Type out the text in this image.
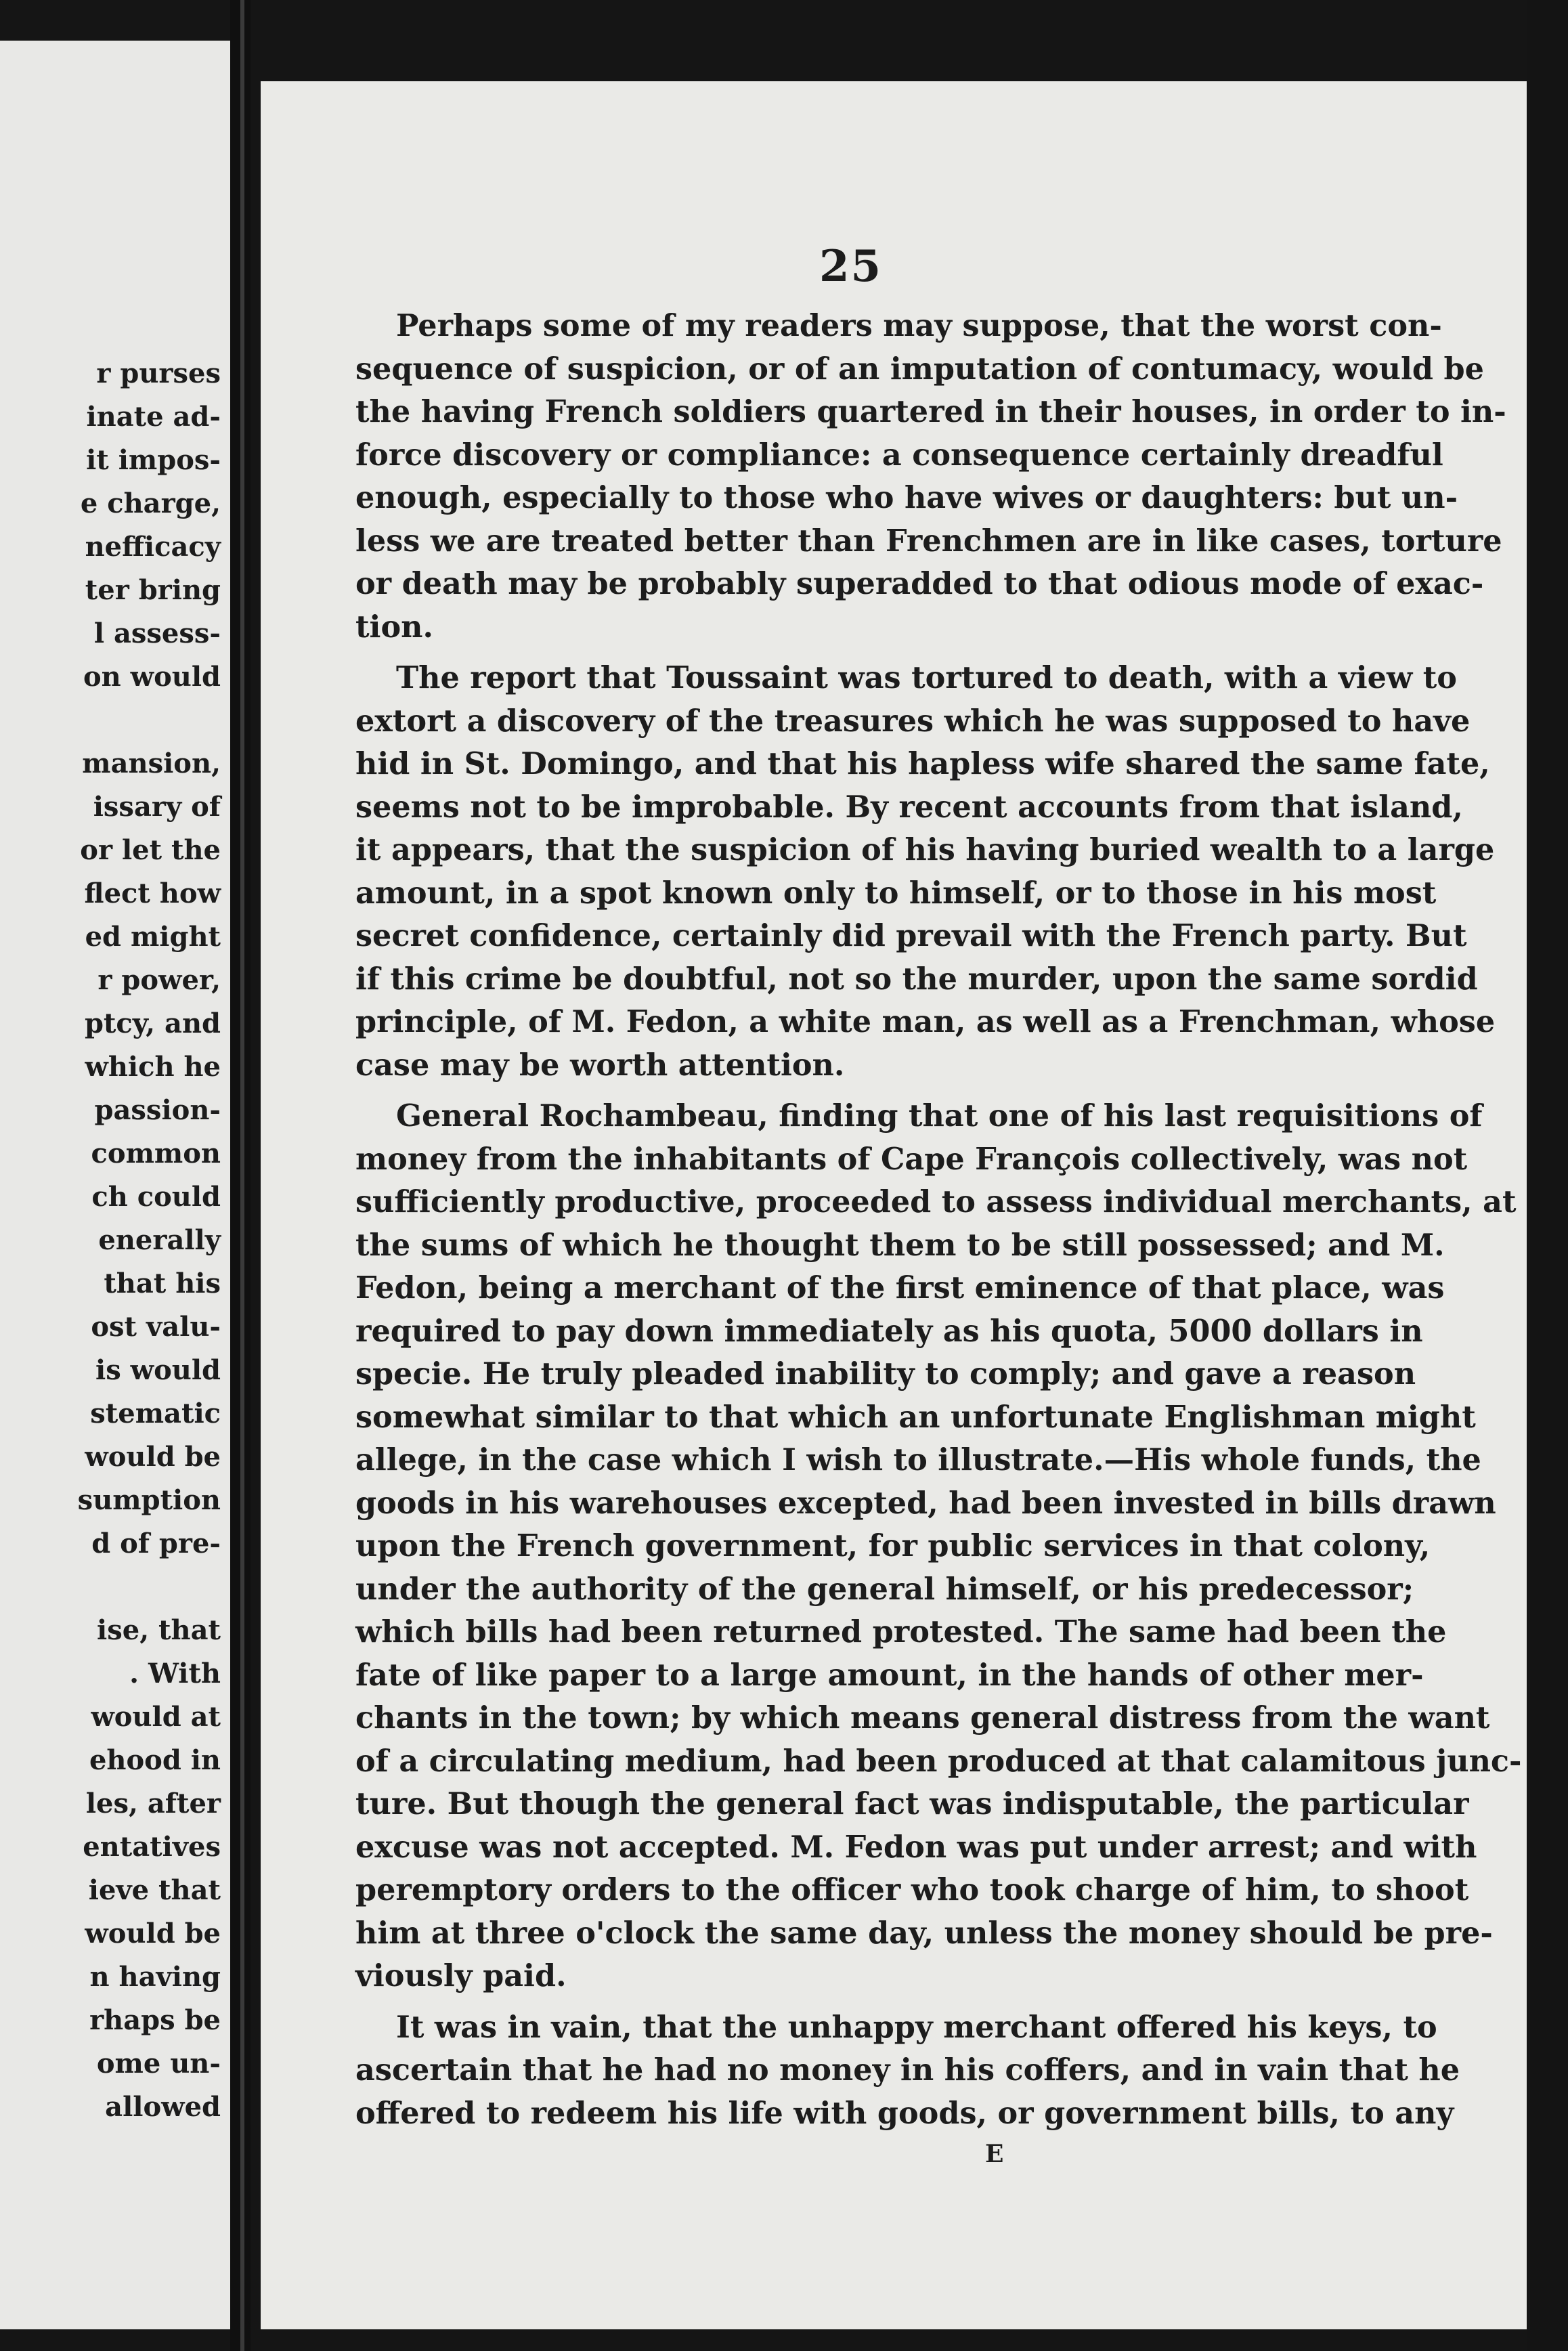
r purses
inate ad-
it impos-
e charge,
nefficacy
ter bring
l assess-
on would
mansion,
issary of
or let the
flect how
ed might
r power,
ptcy, and
which he
passion-
common
ch could
enerally
that his
ost valu-
is would
stematic
would be
sumption
d of pre-
ise, that
. With
would at
ehood in
les, after
entatives
ieve that
would be
n having
rhaps be
ome un-
allowed
25
Perhaps some of my readers may suppose, that the worst con-
sequence of suspicion, or of an imputation of contumacy, would be
the having French soldiers quartered in their houses, in order to in-
force discovery or compliance: a consequence certainly dreadful
enough, especially to those who have wives or daughters: but un-
less we are treated better than Frenchmen are in like cases, torture
or death may be probably superadded to that odious mode of exac-
tion.
The report that Toussaint was tortured to death, with a view to
extort a discovery of the treasures which he was supposed to have
hid in St. Domingo, and that his hapless wife shared the same fate,
seems not to be improbable. By recent accounts from that island,
it appears, that the suspicion of his having buried wealth to a large
amount, in a spot known only to himself, or to those in his most
secret confidence, certainly did prevail with the French party. But
if this crime be doubtful, not so the murder, upon the same sordid
principle, of M. Fedon, a white man, as well as a Frenchman, whose
case may be worth attention.
General Rochambeau, finding that one of his last requisitions of
money from the inhabitants of Cape François collectively, was not
sufficiently productive, proceeded to assess individual merchants, at
the sums of which he thought them to be still possessed; and M.
Fedon, being a merchant of the first eminence of that place, was
required to pay down immediately as his quota, 5000 dollars in
specie. He truly pleaded inability to comply; and gave a reason
somewhat similar to that which an unfortunate Englishman might
allege, in the case which I wish to illustrate.—His whole funds, the
goods in his warehouses excepted, had been invested in bills drawn
upon the French government, for public services in that colony,
under the authority of the general himself, or his predecessor;
which bills had been returned protested. The same had been the
fate of like paper to a large amount, in the hands of other mer-
chants in the town; by which means general distress from the want
of a circulating medium, had been produced at that calamitous junc-
ture. But though the general fact was indisputable, the particular
excuse was not accepted. M. Fedon was put under arrest; and with
peremptory orders to the officer who took charge of him, to shoot
him at three o'clock the same day, unless the money should be pre-
viously paid.
It was in vain, that the unhappy merchant offered his keys, to
ascertain that he had no money in his coffers, and in vain that he
offered to redeem his life with goods, or government bills, to any
E
